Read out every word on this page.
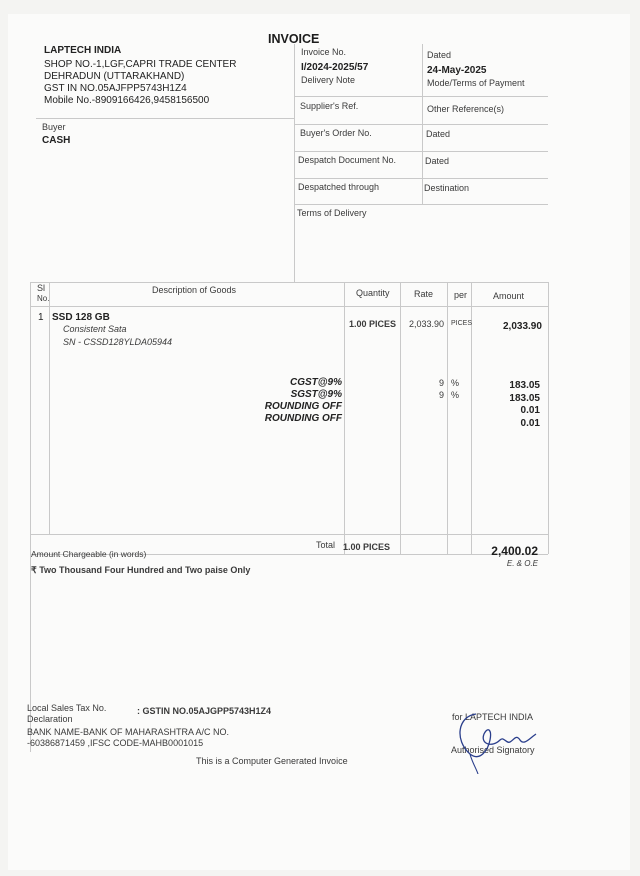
INVOICE
LAPTECH INDIA
SHOP NO.-1,LGF,CAPRI TRADE CENTER
DEHRADUN (UTTARAKHAND)
GST IN NO.05AJFPP5743H1Z4
Mobile No.-8909166426,9458156500
Buyer
CASH
Invoice No.
I/2024-2025/57
Dated
24-May-2025
Delivery Note	Mode/Terms of Payment
Supplier's Ref.	Other Reference(s)
Buyer's Order No.	Dated
Despatch Document No.	Dated
Despatched through	Destination
Terms of Delivery
Sl
No.
Description of Goods	Quantity	Rate per	Amount
1 SSD 128 GB
Consistent Sata
SN - CSSD128YLDA05944
1.00 PICES 2,033.90 PICES	2,033.90
CGST@9%	9 %	183.05
SGST@9%	9 %	183.05
ROUNDING OFF	0.01
ROUNDING OFF	0.01
Total 1.00 PICES	2,400.02
Amount Chargeable (in words)
E. & O.E
₹ Two Thousand Four Hundred and Two paise Only
Local Sales Tax No.	: GSTIN NO.05AJGPP5743H1Z4
Declaration
BANK NAME-BANK OF MAHARASHTRA A/C NO.
-60386871459 ,IFSC CODE-MAHB0001015
for LAPTECH INDIA
Authorised Signatory
This is a Computer Generated Invoice
